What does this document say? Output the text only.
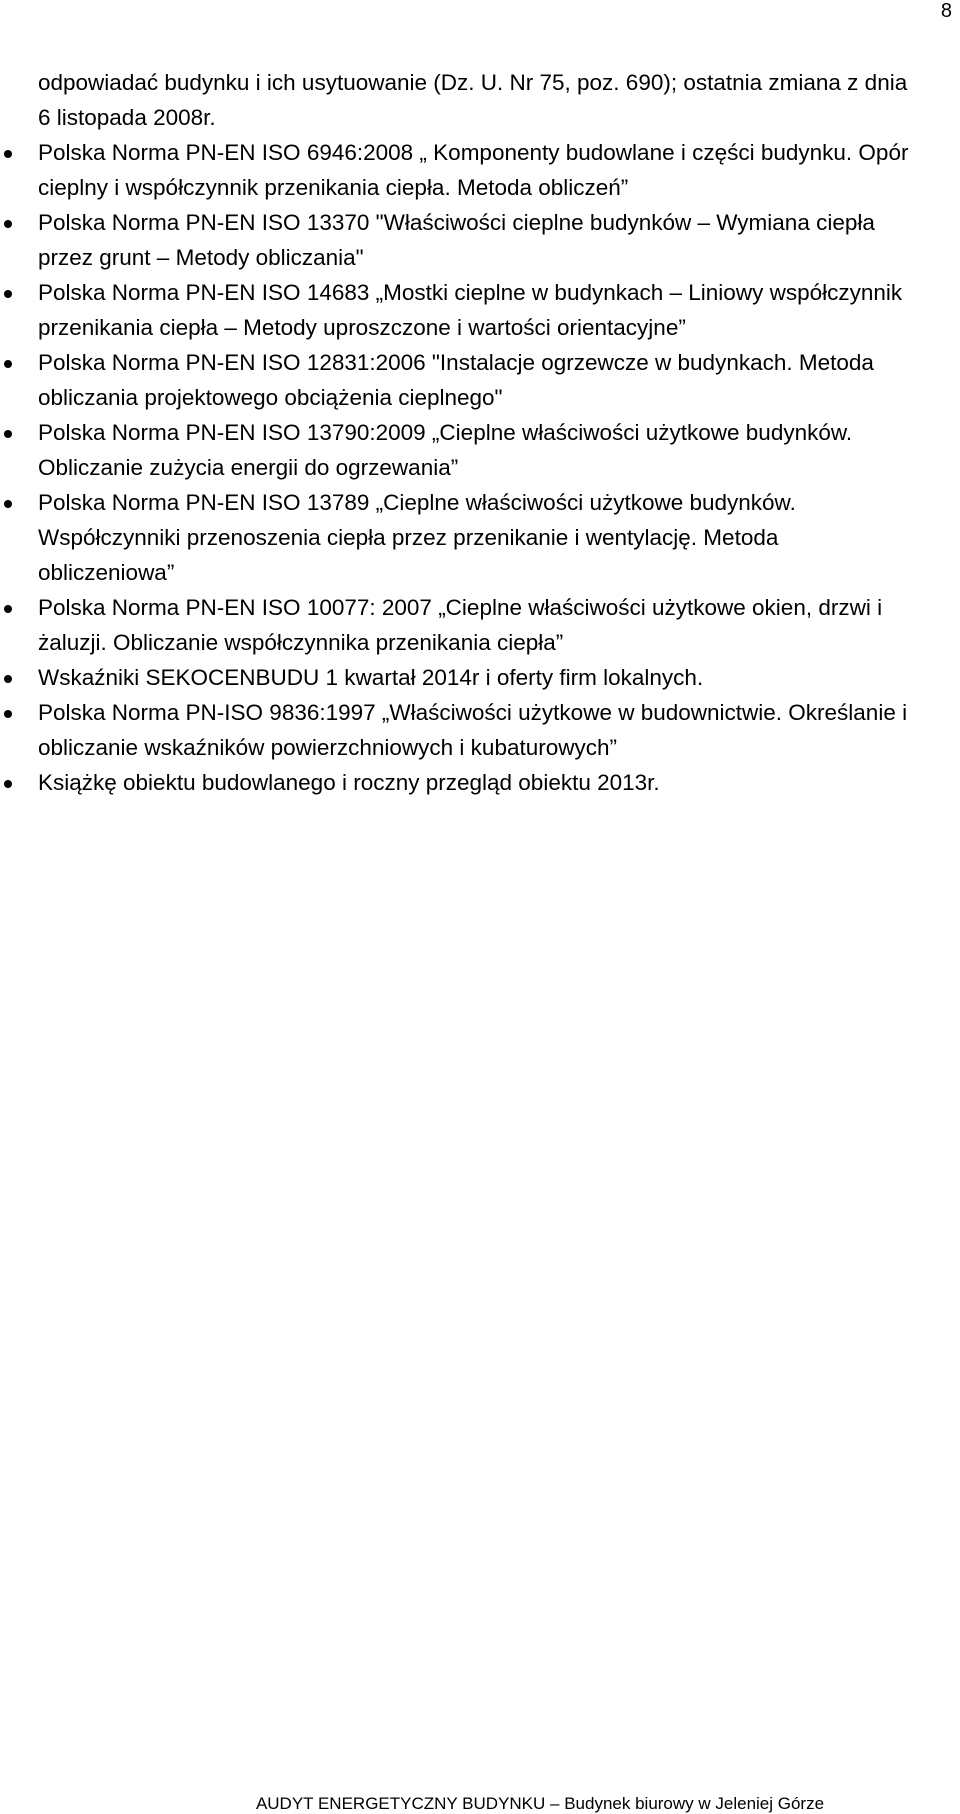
8

odpowiadać budynku i ich usytuowanie (Dz. U. Nr 75, poz. 690); ostatnia zmiana z dnia 6 listopada 2008r.

Polska Norma PN-EN ISO 6946:2008 „ Komponenty budowlane i części budynku. Opór cieplny i współczynnik przenikania ciepła. Metoda obliczeń”
Polska Norma PN-EN ISO 13370 "Właściwości cieplne budynków – Wymiana ciepła przez grunt – Metody obliczania"
Polska Norma PN-EN ISO 14683 „Mostki cieplne w budynkach – Liniowy współczynnik przenikania ciepła – Metody uproszczone i wartości orientacyjne”
Polska Norma PN-EN ISO 12831:2006 "Instalacje ogrzewcze w budynkach. Metoda obliczania projektowego obciążenia cieplnego"
Polska Norma PN-EN ISO 13790:2009 „Cieplne właściwości użytkowe budynków. Obliczanie zużycia energii do ogrzewania”
Polska Norma PN-EN ISO 13789 „Cieplne właściwości użytkowe budynków. Współczynniki przenoszenia ciepła przez przenikanie i wentylację. Metoda obliczeniowa”
Polska Norma PN-EN ISO 10077: 2007 „Cieplne właściwości użytkowe okien, drzwi i żaluzji. Obliczanie współczynnika przenikania ciepła”
Wskaźniki SEKOCENBUDU 1 kwartał 2014r i oferty firm lokalnych.
Polska Norma PN-ISO 9836:1997 „Właściwości użytkowe w budownictwie. Określanie i obliczanie wskaźników powierzchniowych i kubaturowych”
Książkę obiektu budowlanego i roczny przegląd obiektu 2013r.
AUDYT ENERGETYCZNY BUDYNKU – Budynek biurowy w Jeleniej Górze
